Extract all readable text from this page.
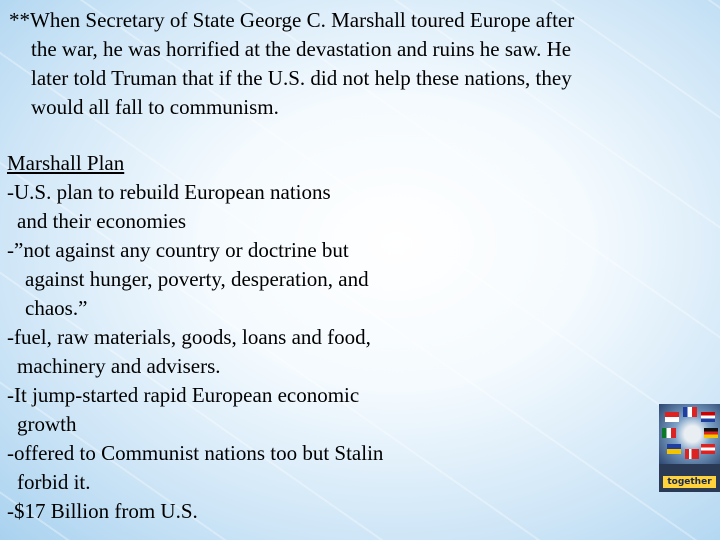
**When Secretary of State George C. Marshall toured Europe after
the war, he was horrified at the devastation and ruins he saw. He
later told Truman that if the U.S. did not help these nations, they
would all fall to communism.
Marshall Plan
-U.S. plan to rebuild European nations
and their economies
-”not against any country or doctrine but
against hunger, poverty, desperation, and
chaos.”
-fuel, raw materials, goods, loans and food,
machinery and advisers.
-It jump-started rapid European economic
growth
-offered to Communist nations too but Stalin
forbid it.
-$17 Billion from U.S.
together
